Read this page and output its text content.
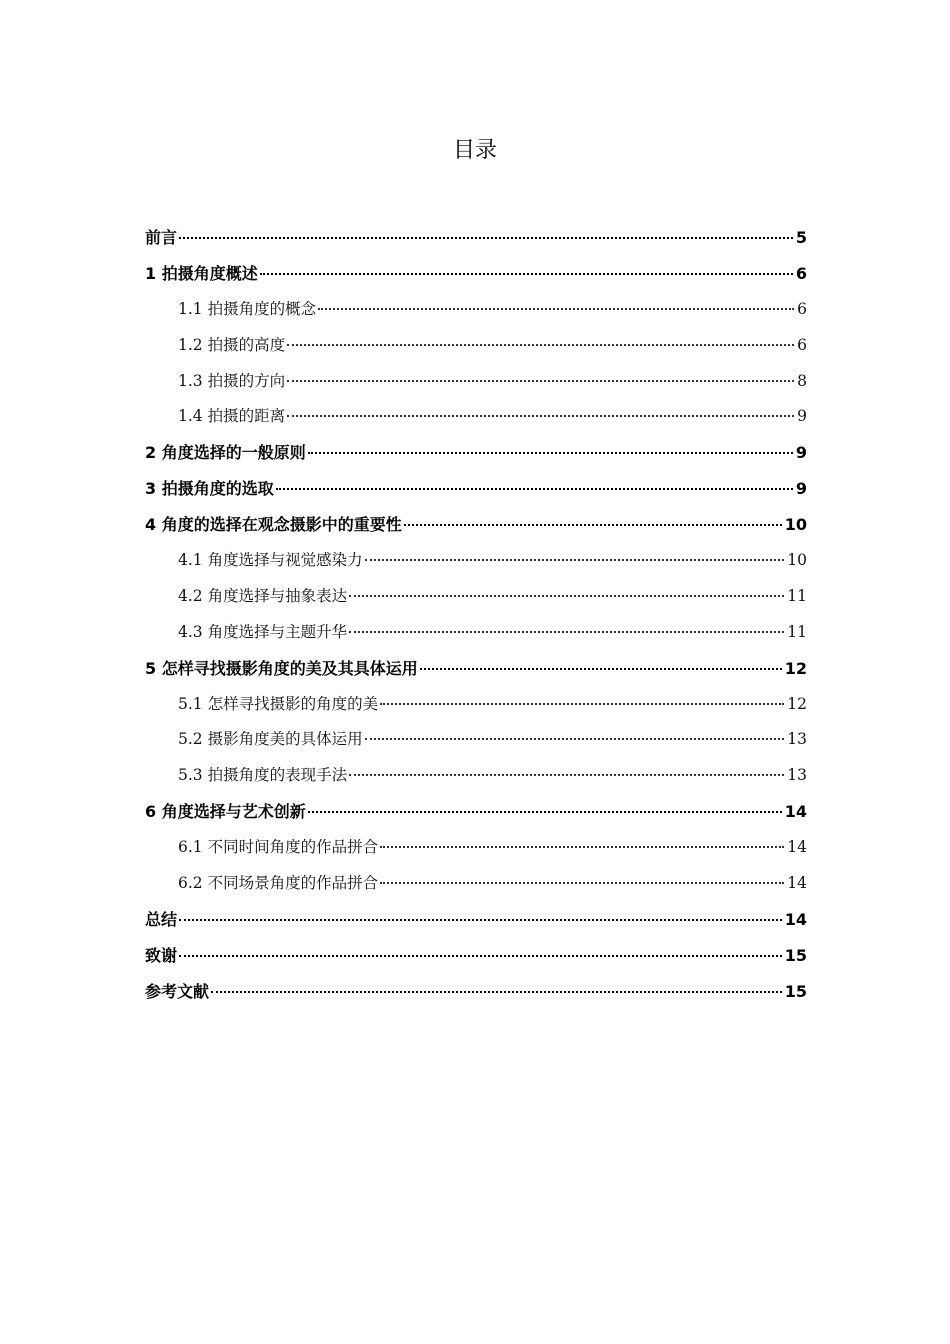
目录
前言	5
1 拍摄角度概述	6
1.1 拍摄角度的概念	6
1.2 拍摄的高度	6
1.3 拍摄的方向	8
1.4 拍摄的距离	9
2 角度选择的一般原则	9
3 拍摄角度的选取	9
4 角度的选择在观念摄影中的重要性	10
4.1 角度选择与视觉感染力	10
4.2 角度选择与抽象表达	11
4.3 角度选择与主题升华	11
5 怎样寻找摄影角度的美及其具体运用	12
5.1 怎样寻找摄影的角度的美	12
5.2 摄影角度美的具体运用	13
5.3 拍摄角度的表现手法	13
6 角度选择与艺术创新	14
6.1 不同时间角度的作品拼合	14
6.2 不同场景角度的作品拼合	14
总结	14
致谢	15
参考文献	15
